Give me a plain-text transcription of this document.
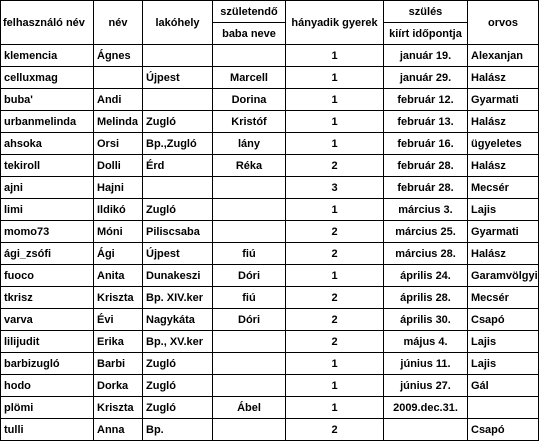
felhasználó név	név	lakóhely	születendő	hányadik gyerek	szülés	orvos
			baba neve		kiírt időpontja	
klemencia	Ágnes			1	január 19.	Alexanjan
celluxmag		Újpest	Marcell	1	január 29.	Halász
buba'	Andi		Dorina	1	február 12.	Gyarmati
urbanmelinda	Melinda	Zugló	Kristóf	1	február 13.	Halász
ahsoka	Orsi	Bp.,Zugló	lány	1	február 16.	ügyeletes
tekiroll	Dolli	Érd	Réka	2	február 28.	Halász
ajni	Hajni			3	február 28.	Mecsér
limi	Ildikó	Zugló		1	március 3.	Lajis
momo73	Móni	Piliscsaba		2	március 25.	Gyarmati
ági_zsófi	Ági	Újpest	fiú	2	március 28.	Halász
fuoco	Anita	Dunakeszi	Dóri	1	április 24.	Garamvölgyi
tkrisz	Kriszta	Bp. XIV.ker	fiú	2	április 28.	Mecsér
varva	Évi	Nagykáta	Dóri	2	április 30.	Csapó
lilijudit	Erika	Bp., XV.ker		2	május 4.	Lajis
barbizugló	Barbi	Zugló		1	június 11.	Lajis
hodo	Dorka	Zugló		1	június 27.	Gál
plömi	Kriszta	Zugló	Ábel	1	2009.dec.31.	
tulli	Anna	Bp.		2		Csapó
